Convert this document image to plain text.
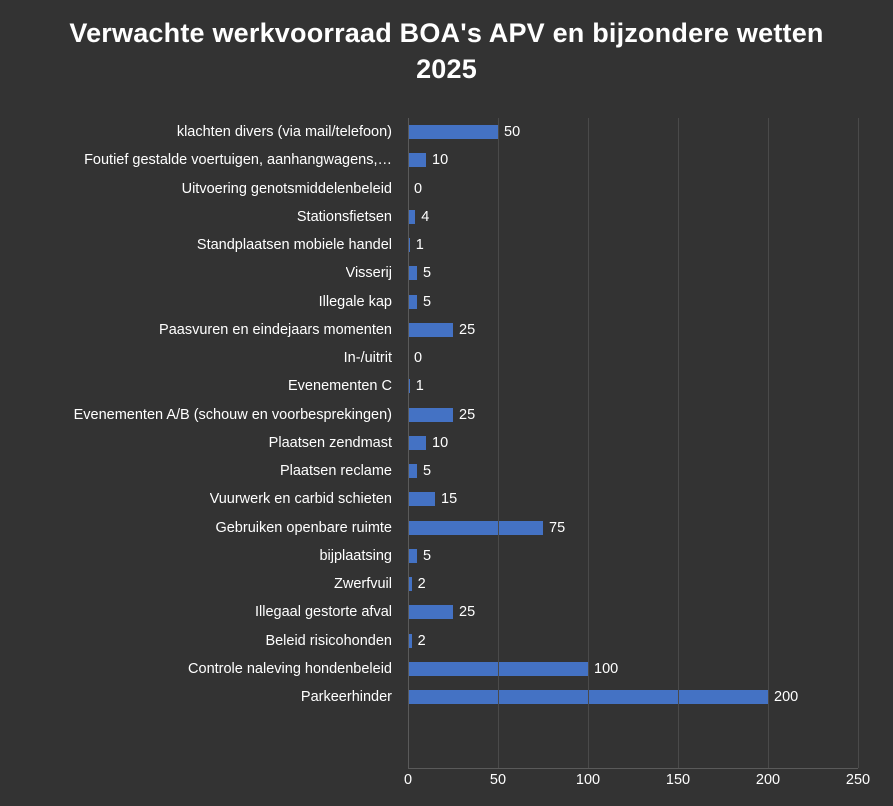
Verwachte werkvoorraad BOA's APV en bijzondere wetten 2025
klachten divers (via mail/telefoon)
Foutief gestalde voertuigen, aanhangwagens,…
Uitvoering genotsmiddelenbeleid
Stationsfietsen
Standplaatsen mobiele handel
Visserij
Illegale kap
Paasvuren en eindejaars momenten
In-/uitrit
Evenementen C
Evenementen A/B (schouw en voorbesprekingen)
Plaatsen zendmast
Plaatsen reclame
Vuurwerk en carbid schieten
Gebruiken openbare ruimte
bijplaatsing
Zwerfvuil
Illegaal gestorte afval
Beleid risicohonden
Controle naleving hondenbeleid
Parkeerhinder
50
10
0
4
1
5
5
25
0
1
25
10
5
15
75
5
2
25
2
100
200
0	50	100	150	200	250
